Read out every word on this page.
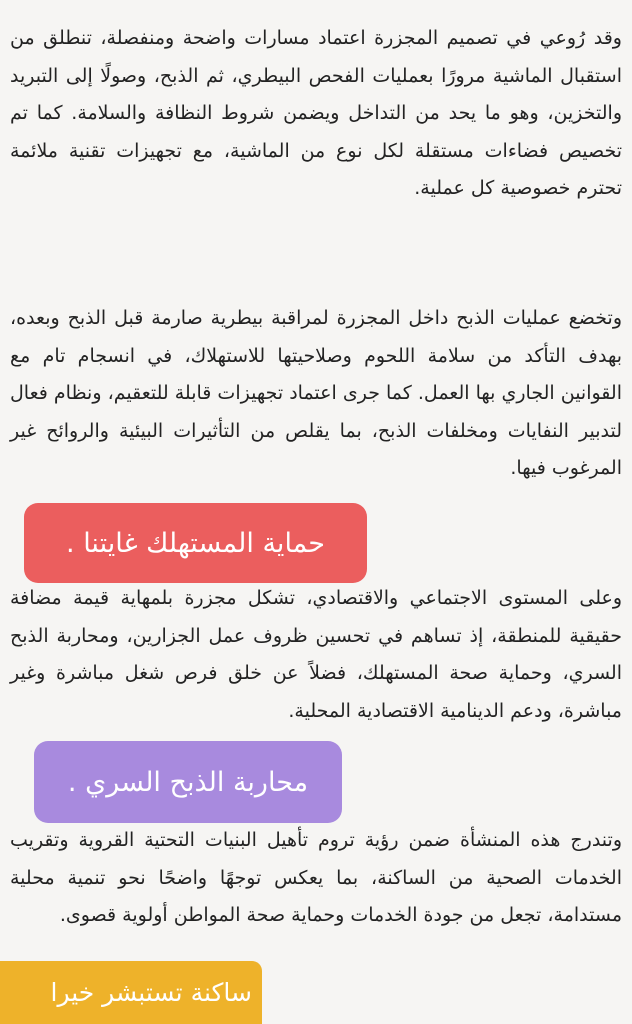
وقد رُوعي في تصميم المجزرة اعتماد مسارات واضحة ومنفصلة، تنطلق من استقبال الماشية مرورًا بعمليات الفحص البيطري، ثم الذبح، وصولًا إلى التبريد والتخزين، وهو ما يحد من التداخل ويضمن شروط النظافة والسلامة. كما تم تخصيص فضاءات مستقلة لكل نوع من الماشية، مع تجهيزات تقنية ملائمة تحترم خصوصية كل عملية.

وتخضع عمليات الذبح داخل المجزرة لمراقبة بيطرية صارمة قبل الذبح وبعده، بهدف التأكد من سلامة اللحوم وصلاحيتها للاستهلاك، في انسجام تام مع القوانين الجاري بها العمل. كما جرى اعتماد تجهيزات قابلة للتعقيم، ونظام فعال لتدبير النفايات ومخلفات الذبح، بما يقلص من التأثيرات البيئية والروائح غير المرغوب فيها.

وعلى المستوى الاجتماعي والاقتصادي، تشكل مجزرة بلمهاية قيمة مضافة حقيقية للمنطقة، إذ تساهم في تحسين ظروف عمل الجزارين، ومحاربة الذبح السري، وحماية صحة المستهلك، فضلاً عن خلق فرص شغل مباشرة وغير مباشرة، ودعم الدينامية الاقتصادية المحلية.

وتندرج هذه المنشأة ضمن رؤية تروم تأهيل البنيات التحتية القروية وتقريب الخدمات الصحية من الساكنة، بما يعكس توجهًا واضحًا نحو تنمية محلية مستدامة، تجعل من جودة الخدمات وحماية صحة المواطن أولوية قصوى.

حماية المستهلك غايتنا .
محاربة الذبح السري .
ساكنة تستبشر خيرا
